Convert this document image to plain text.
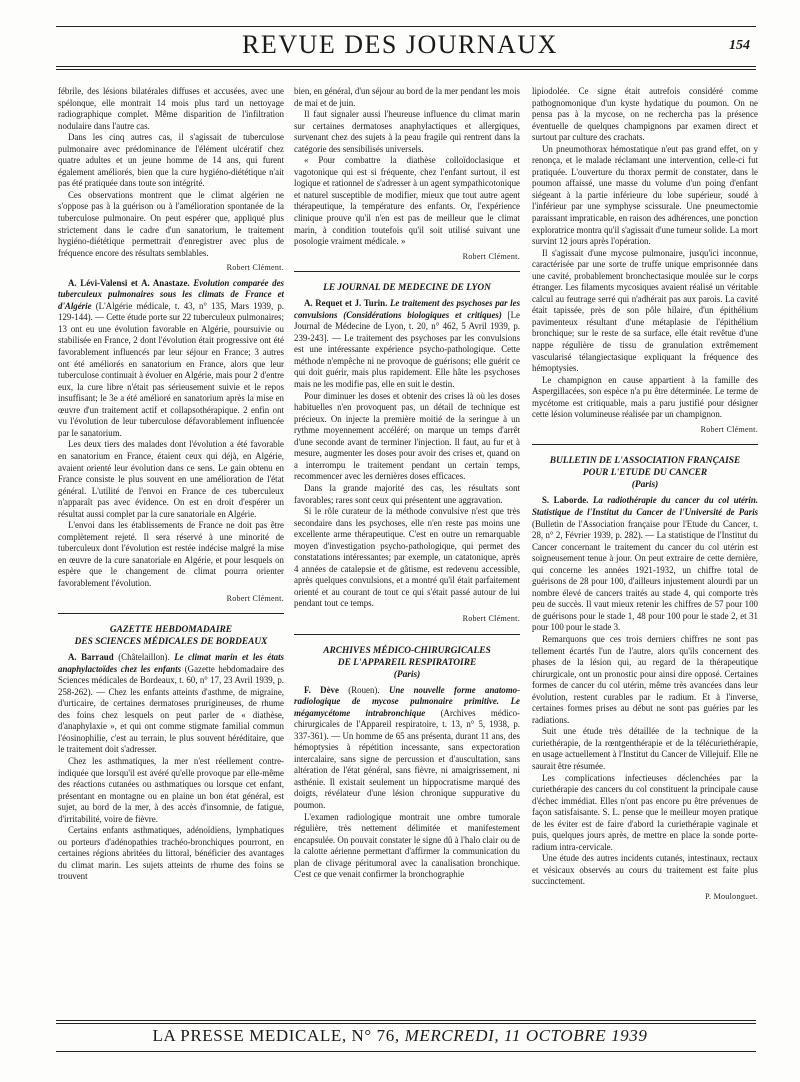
REVUE DES JOURNAUX	154

fébrile, des lésions bilatérales diffuses et accusées, avec une spélonque, elle montrait 14 mois plus tard un nettoyage radiographique complet. Même disparition de l'infiltration nodulaire dans l'autre cas.

Dans les cinq autres cas, il s'agissait de tuberculose pulmonaire avec prédominance de l'élément ulcératif chez quatre adultes et un jeune homme de 14 ans, qui furent également améliorés, bien que la cure hygiéno-diététique n'ait pas été pratiquée dans toute son intégrité.

Ces observations montrent que le climat algérien ne s'oppose pas à la guérison ou à l'amélioration spontanée de la tuberculose pulmonaire. On peut espérer que, appliqué plus strictement dans le cadre d'un sanatorium, le traitement hygiéno-diététique permettrait d'enregistrer avec plus de fréquence encore des résultats semblables.

Robert Clément.

A. Lévi-Valensi et A. Anastaze. Evolution comparée des tuberculeux pulmonaires sous les climats de France et d'Algérie (L'Algérie médicale, t. 43, n° 135, Mars 1939, p. 129-144). — Cette étude porte sur 22 tuberculeux pulmonaires; 13 ont eu une évolution favorable en Algérie, poursuivie ou stabilisée en France, 2 dont l'évolution était progressive ont été favorablement influencés par leur séjour en France; 3 autres ont été améliorés en sanatorium en France, alors que leur tuberculose continuait à évoluer en Algérie, mais pour 2 d'entre eux, la cure libre n'était pas sérieusement suivie et le repos insuffisant; le 3e a été amélioré en sanatorium après la mise en œuvre d'un traitement actif et collapsothérapique. 2 enfin ont vu l'évolution de leur tuberculose défavorablement influencée par le sanatorium.

Les deux tiers des malades dont l'évolution a été favorable en sanatorium en France, étaient ceux qui déjà, en Algérie, avaient orienté leur évolution dans ce sens. Le gain obtenu en France consiste le plus souvent en une amélioration de l'état général. L'utilité de l'envoi en France de ces tuberculeux n'apparaît pas avec évidence. On est en droit d'espérer un résultat aussi complet par la cure sanatoriale en Algérie.

L'envoi dans les établissements de France ne doit pas être complètement rejeté. Il sera réservé à une minorité de tuberculeux dont l'évolution est restée indécise malgré la mise en œuvre de la cure sanatoriale en Algérie, et pour lesquels on espère que le changement de climat pourra orienter favorablement l'évolution.

Robert Clément.

GAZETTE HEBDOMADAIRE
DES SCIENCES MÉDICALES DE BORDEAUX

A. Barraud (Châtelaillon). Le climat marin et les états anaphylactoïdes chez les enfants (Gazette hebdomadaire des Sciences médicales de Bordeaux, t. 60, n° 17, 23 Avril 1939, p. 258-262). — Chez les enfants atteints d'asthme, de migraine, d'urticaire, de certaines dermatoses prurigineuses, de rhume des foins chez lesquels on peut parler de « diathèse, d'anaphylaxie », et qui ont comme stigmate familial commun l'éosinophilie, c'est au terrain, le plus souvent héréditaire, que le traitement doit s'adresser.

Chez les asthmatiques, la mer n'est réellement contre-indiquée que lorsqu'il est avéré qu'elle provoque par elle-même des réactions cutanées ou asthmatiques ou lorsque cet enfant, présentant en montagne ou en plaine un bon état général, est sujet, au bord de la mer, à des accès d'insomnie, de fatigue, d'irritabilité, voire de fièvre.

Certains enfants asthmatiques, adénoïdiens, lymphatiques ou porteurs d'adénopathies trachéo-bronchiques pourront, en certaines régions abritées du littoral, bénéficier des avantages du climat marin. Les sujets atteints de rhume des foins se trouvent

bien, en général, d'un séjour au bord de la mer pendant les mois de mai et de juin.

Il faut signaler aussi l'heureuse influence du climat marin sur certaines dermatoses anaphylactiques et allergiques, survenant chez des sujets à la peau fragile qui rentrent dans la catégorie des sensibilisés universels.

« Pour combattre la diathèse colloïdoclasique et vagotonique qui est si fréquente, chez l'enfant surtout, il est logique et rationnel de s'adresser à un agent sympathicotonique et naturel susceptible de modifier, mieux que tout autre agent thérapeutique, la température des enfants. Or, l'expérience clinique prouve qu'il n'en est pas de meilleur que le climat marin, à condition toutefois qu'il soit utilisé suivant une posologie vraiment médicale. »

Robert Clément.

LE JOURNAL DE MEDECINE DE LYON

A. Requet et J. Turin. Le traitement des psychoses par les convulsions (Considérations biologiques et critiques) [Le Journal de Médecine de Lyon, t. 20, n° 462, 5 Avril 1939, p. 239-243]. — Le traitement des psychoses par les convulsions est une intéressante expérience psycho-pathologique. Cette méthode n'empêche ni ne provoque de guérisons; elle guérit ce qui doit guérir, mais plus rapidement. Elle hâte les psychoses mais ne les modifie pas, elle en suit le destin.

Pour diminuer les doses et obtenir des crises là où les doses habituelles n'en provoquent pas, un détail de technique est précieux. On injecte la première moitié de la seringue à un rythme moyennement accéléré; on marque un temps d'arrêt d'une seconde avant de terminer l'injection. Il faut, au fur et à mesure, augmenter les doses pour avoir des crises et, quand on a interrompu le traitement pendant un certain temps, recommencer avec les dernières doses efficaces.

Dans la grande majorité des cas, les résultats sont favorables; rares sont ceux qui présentent une aggravation.

Si le rôle curateur de la méthode convulsive n'est que très secondaire dans les psychoses, elle n'en reste pas moins une excellente arme thérapeutique. C'est en outre un remarquable moyen d'investigation psycho-pathologique, qui permet des constatations intéressantes; par exemple, un catatonique, après 4 années de catalepsie et de gâtisme, est redevenu accessible, après quelques convulsions, et a montré qu'il était parfaitement orienté et au courant de tout ce qui s'était passé autour de lui pendant tout ce temps.

Robert Clément.

ARCHIVES MÉDICO-CHIRURGICALES
DE L'APPAREIL RESPIRATOIRE
(Paris)

F. Dève (Rouen). Une nouvelle forme anatomo-radiologique de mycose pulmonaire primitive. Le mégamycétome intrabronchique (Archives médico-chirurgicales de l'Appareil respiratoire, t. 13, n° 5, 1938, p. 337-361). — Un homme de 65 ans présenta, durant 11 ans, des hémoptysies à répétition incessante, sans expectoration intercalaire, sans signe de percussion et d'auscultation, sans altération de l'état général, sans fièvre, ni amaigrissement, ni asthénie. Il existait seulement un hippocratisme marqué des doigts, révélateur d'une lésion chronique suppurative du poumon.

L'examen radiologique montrait une ombre tumorale régulière, très nettement délimitée et manifestement encapsulée. On pouvait constater le signe dû à l'halo clair ou de la calotte aérienne permettant d'affirmer la communication du plan de clivage péritumoral avec la canalisation bronchique. C'est ce que venait confirmer la bronchographie

lipiodolée. Ce signe était autrefois considéré comme pathognomonique d'un kyste hydatique du poumon. On ne pensa pas à la mycose, on ne rechercha pas la présence éventuelle de quelques champignons par examen direct et surtout par culture des crachats.

Un pneumothorax hémostatique n'eut pas grand effet, on y renonça, et le malade réclamant une intervention, celle-ci fut pratiquée. L'ouverture du thorax permit de constater, dans le poumon affaissé, une masse du volume d'un poing d'enfant siégeant à la partie inférieure du lobe supérieur, soudé à l'inférieur par une symphyse scissurale. Une pneumectomie paraissant impraticable, en raison des adhérences, une ponction exploratrice montra qu'il s'agissait d'une tumeur solide. La mort survint 12 jours après l'opération.

Il s'agissait d'une mycose pulmonaire, jusqu'ici inconnue, caractérisée par une sorte de truffe unique emprisonnée dans une cavité, probablement bronchectasique moulée sur le corps étranger. Les filaments mycosiques avaient réalisé un véritable calcul au feutrage serré qui n'adhérait pas aux parois. La cavité était tapissée, près de son pôle hilaire, d'un épithélium pavimenteux résultant d'une métaplasie de l'épithélium bronchique; sur le reste de sa surface, elle était revêtue d'une nappe régulière de tissu de granulation extrêmement vascularisé télangiectasique expliquant la fréquence des hémoptysies.

Le champignon en cause appartient à la famille des Aspergillacées, son espèce n'a pu être déterminée. Le terme de mycétome est critiquable, mais a paru justifié pour désigner cette lésion volumineuse réalisée par un champignon.

Robert Clément.

BULLETIN DE L'ASSOCIATION FRANÇAISE
POUR L'ETUDE DU CANCER
(Paris)

S. Laborde. La radiothérapie du cancer du col utérin. Statistique de l'Institut du Cancer de l'Université de Paris (Bulletin de l'Association française pour l'Etude du Cancer, t. 28, n° 2, Février 1939, p. 282). — La statistique de l'Institut du Cancer concernant le traitement du cancer du col utérin est soigneusement tenue à jour. On peut extraire de cette dernière, qui concerne les années 1921-1932, un chiffre total de guérisons de 28 pour 100, d'ailleurs injustement alourdi par un nombre élevé de cancers traités au stade 4, qui comporte très peu de succès. Il vaut mieux retenir les chiffres de 57 pour 100 de guérisons pour le stade 1, 48 pour 100 pour le stade 2, et 31 pour 100 pour le stade 3.

Remarquons que ces trois derniers chiffres ne sont pas tellement écartés l'un de l'autre, alors qu'ils concernent des phases de la lésion qui, au regard de la thérapeutique chirurgicale, ont un pronostic pour ainsi dire opposé. Certaines formes de cancer du col utérin, même très avancées dans leur évolution, restent curables par le radium. Et à l'inverse, certaines formes prises au début ne sont pas guéries par les radiations.

Suit une étude très détaillée de la technique de la curiethérapie, de la rœntgenthérapie et de la télécuriethérapie, en usage actuellement à l'Institut du Cancer de Villejuif. Elle ne saurait être résumée.

Les complications infectieuses déclenchées par la curiethérapie des cancers du col constituent la principale cause d'échec immédiat. Elles n'ont pas encore pu être prévenues de façon satisfaisante. S. L. pense que le meilleur moyen pratique de les éviter est de faire d'abord la curiethérapie vaginale et puis, quelques jours après, de mettre en place la sonde porte-radium intra-cervicale.

Une étude des autres incidents cutanés, intestinaux, rectaux et vésicaux observés au cours du traitement est faite plus succinctement.

P. Moulonguet.

LA PRESSE MEDICALE, N° 76, MERCREDI, 11 OCTOBRE 1939
